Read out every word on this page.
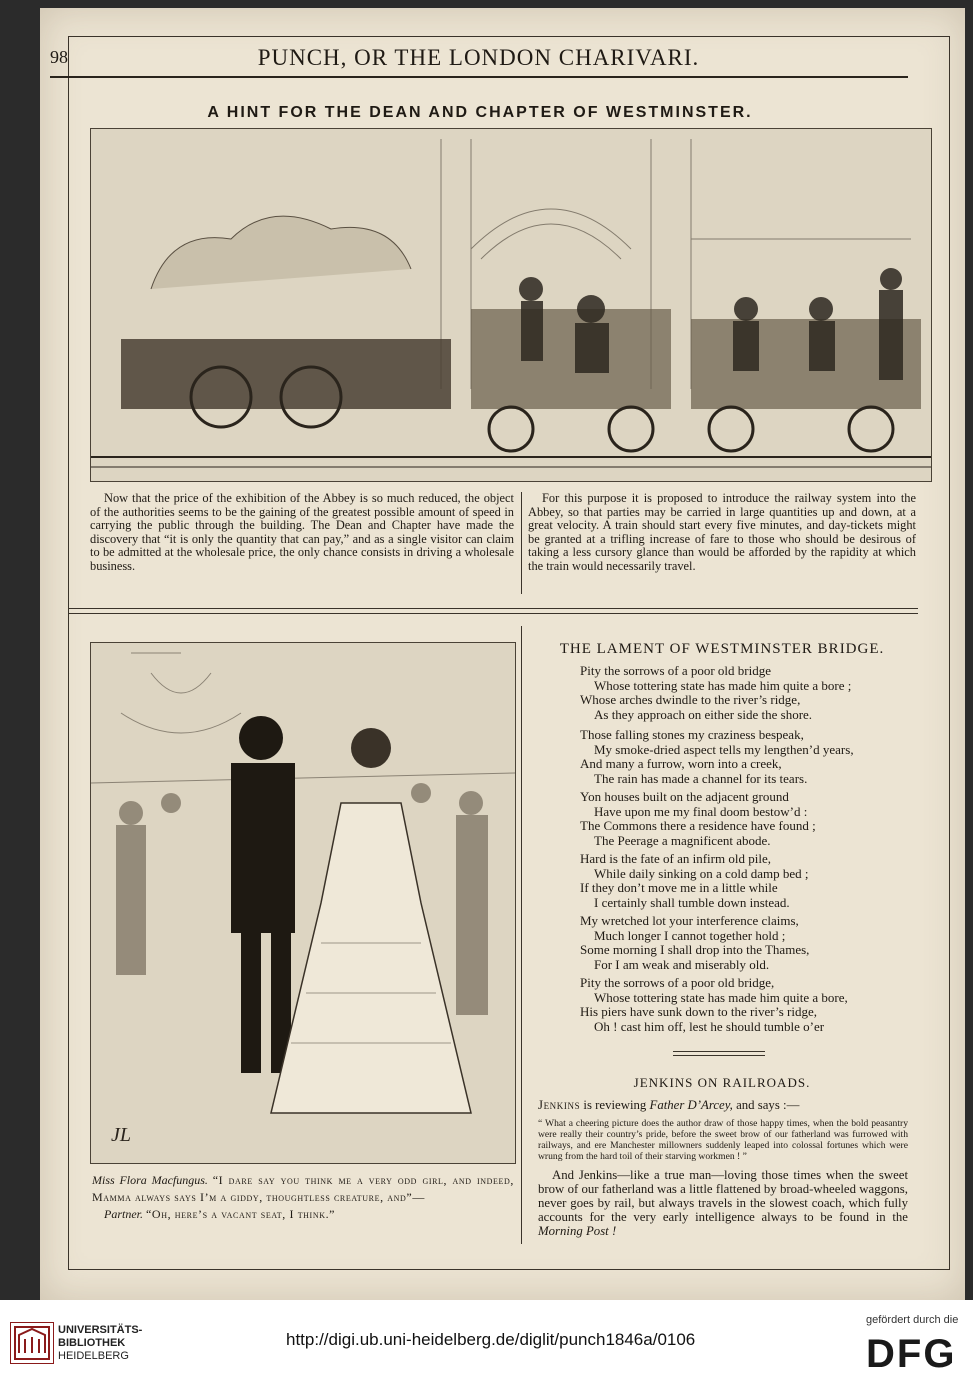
98	PUNCH, OR THE LONDON CHARIVARI.
A HINT FOR THE DEAN AND CHAPTER OF WESTMINSTER.
Now that the price of the exhibition of the Abbey is so much reduced, the object of the authorities seems to be the gaining of the greatest possible amount of speed in carrying the public through the building. The Dean and Chapter have made the discovery that “it is only the quantity that can pay,” and as a single visitor can claim to be admitted at the wholesale price, the only chance consists in driving a wholesale business.
For this purpose it is proposed to introduce the railway system into the Abbey, so that parties may be carried in large quantities up and down, at a great velocity. A train should start every five minutes, and day-tickets might be granted at a trifling increase of fare to those who should be desirous of taking a less cursory glance than would be afforded by the rapidity at which the train would necessarily travel.
JL
Miss Flora Macfungus. “I dare say you think me a very odd girl, and indeed, Mamma always says I’m a giddy, thoughtless creature, and”—
Partner. “Oh, here’s a vacant seat, I think.”
THE LAMENT OF WESTMINSTER BRIDGE.
Pity the sorrows of a poor old bridge
Whose tottering state has made him quite a bore ;
Whose arches dwindle to the river’s ridge,
As they approach on either side the shore.
Those falling stones my craziness bespeak,
My smoke-dried aspect tells my lengthen’d years,
And many a furrow, worn into a creek,
The rain has made a channel for its tears.
Yon houses built on the adjacent ground
Have upon me my final doom bestow’d :
The Commons there a residence have found ;
The Peerage a magnificent abode.
Hard is the fate of an infirm old pile,
While daily sinking on a cold damp bed ;
If they don’t move me in a little while
I certainly shall tumble down instead.
My wretched lot your interference claims,
Much longer I cannot together hold ;
Some morning I shall drop into the Thames,
For I am weak and miserably old.
Pity the sorrows of a poor old bridge,
Whose tottering state has made him quite a bore,
His piers have sunk down to the river’s ridge,
Oh ! cast him off, lest he should tumble o’er
JENKINS ON RAILROADS.
Jenkins is reviewing Father D’Arcey, and says :—
“ What a cheering picture does the author draw of those happy times, when the bold peasantry were really their country’s pride, before the sweet brow of our fatherland was furrowed with railways, and ere Manchester millowners suddenly leaped into colossal fortunes which were wrung from the hard toil of their starving workmen ! ”
And Jenkins—like a true man—loving those times when the sweet brow of our fatherland was a little flattened by broad-wheeled waggons, never goes by rail, but always travels in the slowest coach, which fully accounts for the very early intelligence always to be found in the Morning Post !
UNIVERSITÄTS-
BIBLIOTHEK
HEIDELBERG
http://digi.ub.uni-heidelberg.de/diglit/punch1846a/0106
gefördert durch die
DFG
